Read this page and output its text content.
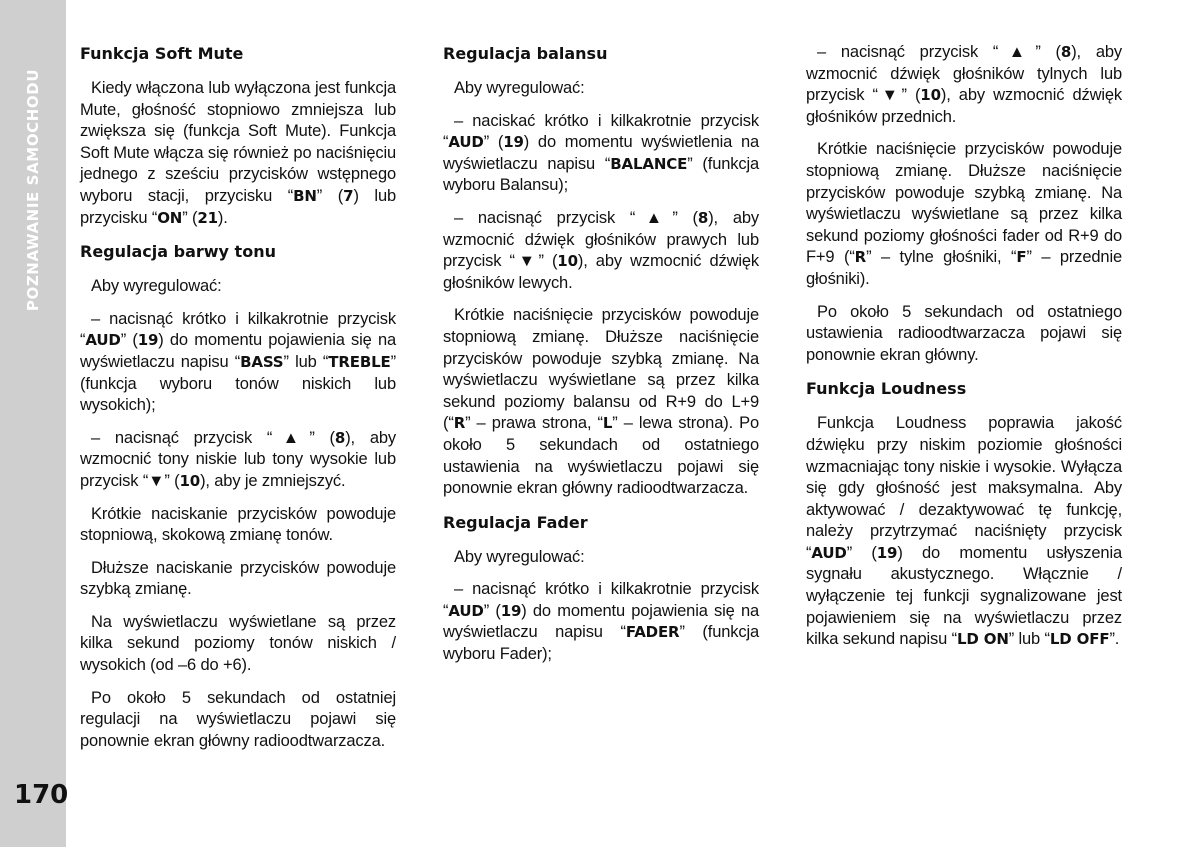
POZNAWANIE SAMOCHODU
170
Funkcja Soft Mute

Kiedy włączona lub wyłączona jest funkcja Mute, głośność stopniowo zmniejsza lub zwiększa się (funkcja Soft Mute). Funkcja Soft Mute włącza się również po naciśnięciu jednego z sześciu przycisków wstępnego wyboru stacji, przycisku “BN” (7) lub przycisku “ON” (21).

Regulacja barwy tonu

Aby wyregulować:

– nacisnąć krótko i kilkakrotnie przycisk “AUD” (19) do momentu pojawienia się na wyświetlaczu napisu “BASS” lub “TREBLE” (funkcja wyboru tonów niskich lub wysokich);

– nacisnąć przycisk “▲” (8), aby wzmocnić tony niskie lub tony wysokie lub przycisk “▼” (10), aby je zmniejszyć.

Krótkie naciskanie przycisków powoduje stopniową, skokową zmianę tonów.

Dłuższe naciskanie przycisków powoduje szybką zmianę.

Na wyświetlaczu wyświetlane są przez kilka sekund poziomy tonów niskich / wysokich (od –6 do +6).

Po około 5 sekundach od ostatniej regulacji na wyświetlaczu pojawi się ponownie ekran główny radioodtwarzacza.

Regulacja balansu

Aby wyregulować:

– naciskać krótko i kilkakrotnie przycisk “AUD” (19) do momentu wyświetlenia na wyświetlaczu napisu “BALANCE” (funkcja wyboru Balansu);

– nacisnąć przycisk “▲” (8), aby wzmocnić dźwięk głośników prawych lub przycisk “▼” (10), aby wzmocnić dźwięk głośników lewych.

Krótkie naciśnięcie przycisków powoduje stopniową zmianę. Dłuższe naciśnięcie przycisków powoduje szybką zmianę. Na wyświetlaczu wyświetlane są przez kilka sekund poziomy balansu od R+9 do L+9 (“R” – prawa strona, “L” – lewa strona). Po około 5 sekundach od ostatniego ustawienia na wyświetlaczu pojawi się ponownie ekran główny radioodtwarzacza.

Regulacja Fader

Aby wyregulować:

– nacisnąć krótko i kilkakrotnie przycisk “AUD” (19) do momentu pojawienia się na wyświetlaczu napisu “FADER” (funkcja wyboru Fader);

– nacisnąć przycisk “▲” (8), aby wzmocnić dźwięk głośników tylnych lub przycisk “▼” (10), aby wzmocnić dźwięk głośników przednich.

Krótkie naciśnięcie przycisków powoduje stopniową zmianę. Dłuższe naciśnięcie przycisków powoduje szybką zmianę. Na wyświetlaczu wyświetlane są przez kilka sekund poziomy głośności fader od R+9 do F+9 (“R” – tylne głośniki, “F” – przednie głośniki).

Po około 5 sekundach od ostatniego ustawienia radioodtwarzacza pojawi się ponownie ekran główny.

Funkcja Loudness

Funkcja Loudness poprawia jakość dźwięku przy niskim poziomie głośności wzmacniając tony niskie i wysokie. Wyłącza się gdy głośność jest maksymalna. Aby aktywować / dezaktywować tę funkcję, należy przytrzymać naciśnięty przycisk “AUD” (19) do momentu usłyszenia sygnału akustycznego. Włącznie / wyłączenie tej funkcji sygnalizowane jest pojawieniem się na wyświetlaczu przez kilka sekund napisu “LD ON” lub “LD OFF”.
